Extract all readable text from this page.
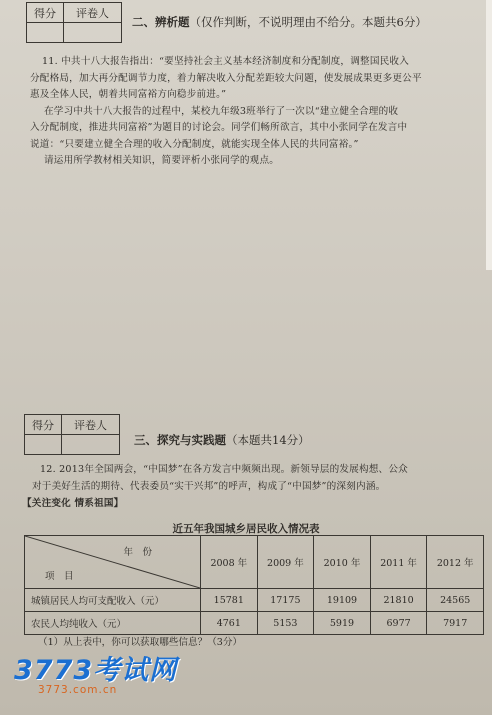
得分	评卷人

二、辨析题（仅作判断，不说明理由不给分。本题共6分）
11. 中共十八大报告指出：“要坚持社会主义基本经济制度和分配制度，调整国民收入
分配格局，加大再分配调节力度，着力解决收入分配差距较大问题，使发展成果更多更公平
惠及全体人民，朝着共同富裕方向稳步前进。”
在学习中共十八大报告的过程中，某校九年级3班举行了一次以“建立健全合理的收
入分配制度，推进共同富裕”为题目的讨论会。同学们畅所欲言，其中小张同学在发言中
说道：“只要建立健全合理的收入分配制度，就能实现全体人民的共同富裕。”
请运用所学教材相关知识，简要评析小张同学的观点。
得分	评卷人

三、探究与实践题（本题共14分）
12. 2013年全国两会，“中国梦”在各方发言中频频出现。新领导层的发展构想、公众
对于美好生活的期待、代表委员“实干兴邦”的呼声，构成了“中国梦”的深刻内涵。
【关注变化 情系祖国】
近五年我国城乡居民收入情况表
年　份
项　目	2008 年	2009 年	2010 年	2011 年	2012 年
城镇居民人均可支配收入（元）	15781	17175	19109	21810	24565
农民人均纯收入（元）	4761	5153	5919	6977	7917
（1）从上表中，你可以获取哪些信息？（3分）
3773考试网
3773.com.cn
